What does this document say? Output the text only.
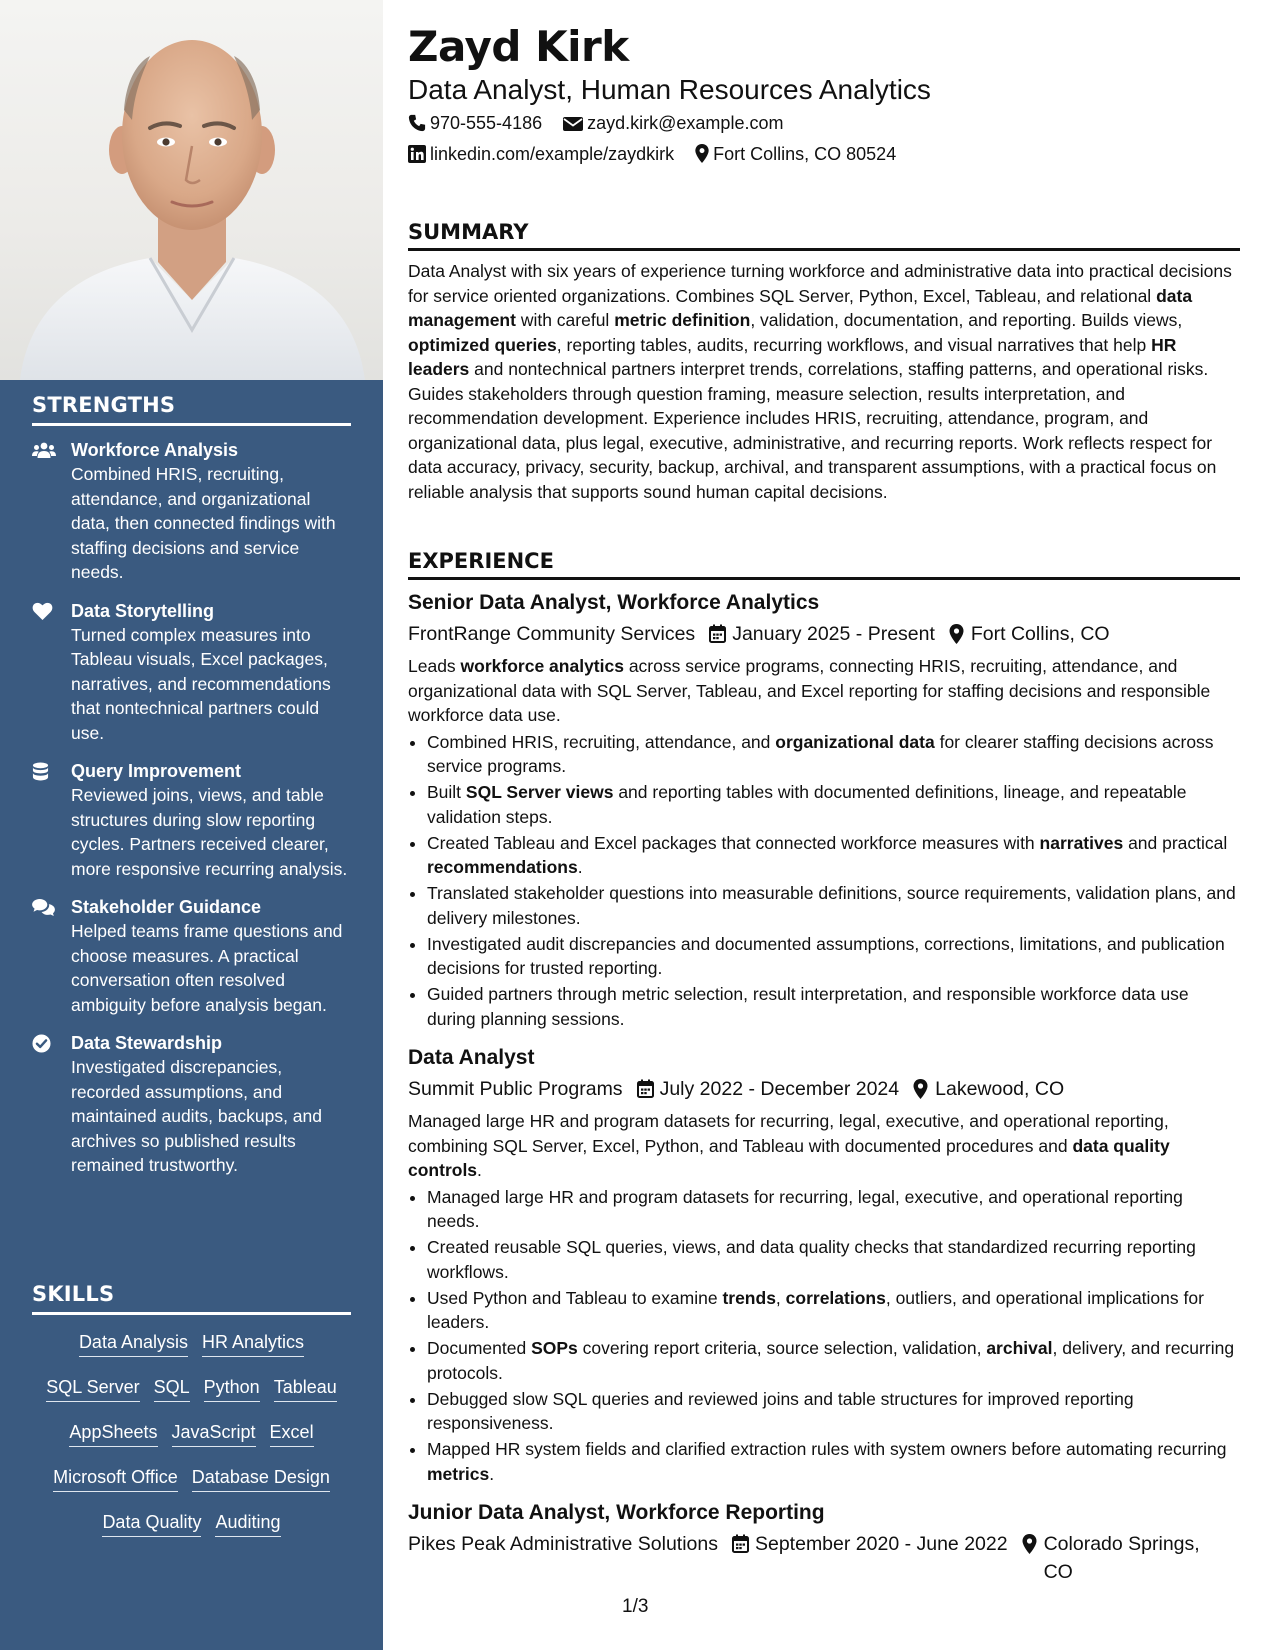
STRENGTHS
Workforce Analysis
Combined HRIS, recruiting, attendance, and organizational data, then connected findings with staffing decisions and service needs.
Data Storytelling
Turned complex measures into Tableau visuals, Excel packages, narratives, and recommendations that nontechnical partners could use.
Query Improvement
Reviewed joins, views, and table structures during slow reporting cycles. Partners received clearer, more responsive recurring analysis.
Stakeholder Guidance
Helped teams frame questions and choose measures. A practical conversation often resolved ambiguity before analysis began.
Data Stewardship
Investigated discrepancies, recorded assumptions, and maintained audits, backups, and archives so published results remained trustworthy.
SKILLS
Data Analysis HR Analytics
SQL Server SQL Python Tableau
AppSheets JavaScript Excel
Microsoft Office Database Design
Data Quality Auditing
Zayd Kirk
Data Analyst, Human Resources Analytics
970-555-4186	zayd.kirk@example.com
linkedin.com/example/zaydkirk Fort Collins, CO 80524
SUMMARY

Data Analyst with six years of experience turning workforce and administrative data into practical decisions for service oriented organizations. Combines SQL Server, Python, Excel, Tableau, and relational data management with careful metric definition, validation, documentation, and reporting. Builds views, optimized queries, reporting tables, audits, recurring workflows, and visual narratives that help HR leaders and nontechnical partners interpret trends, correlations, staffing patterns, and operational risks. Guides stakeholders through question framing, measure selection, results interpretation, and recommendation development. Experience includes HRIS, recruiting, attendance, program, and organizational data, plus legal, executive, administrative, and recurring reports. Work reflects respect for data accuracy, privacy, security, backup, archival, and transparent assumptions, with a practical focus on reliable analysis that supports sound human capital decisions.

EXPERIENCE
Senior Data Analyst, Workforce Analytics
FrontRange Community Services	January 2025 - Present Fort Collins, CO

Leads workforce analytics across service programs, connecting HRIS, recruiting, attendance, and organizational data with SQL Server, Tableau, and Excel reporting for staffing decisions and responsible workforce data use.

• Combined HRIS, recruiting, attendance, and organizational data for clearer staffing decisions across service programs.
• Built SQL Server views and reporting tables with documented definitions, lineage, and repeatable validation steps.
• Created Tableau and Excel packages that connected workforce measures with narratives and practical recommendations.
• Translated stakeholder questions into measurable definitions, source requirements, validation plans, and delivery milestones.
• Investigated audit discrepancies and documented assumptions, corrections, limitations, and publication decisions for trusted reporting.
• Guided partners through metric selection, result interpretation, and responsible workforce data use during planning sessions.
Data Analyst
Summit Public Programs	July 2022 - December 2024 Lakewood, CO

Managed large HR and program datasets for recurring, legal, executive, and operational reporting, combining SQL Server, Excel, Python, and Tableau with documented procedures and data quality controls.

• Managed large HR and program datasets for recurring, legal, executive, and operational reporting needs.
• Created reusable SQL queries, views, and data quality checks that standardized recurring reporting workflows.
• Used Python and Tableau to examine trends, correlations, outliers, and operational implications for leaders.
• Documented SOPs covering report criteria, source selection, validation, archival, delivery, and recurring protocols.
• Debugged slow SQL queries and reviewed joins and table structures for improved reporting responsiveness.
• Mapped HR system fields and clarified extraction rules with system owners before automating recurring metrics.
Junior Data Analyst, Workforce Reporting
Pikes Peak Administrative Solutions	September 2020 - June 2022 Colorado Springs, CO
1/3
